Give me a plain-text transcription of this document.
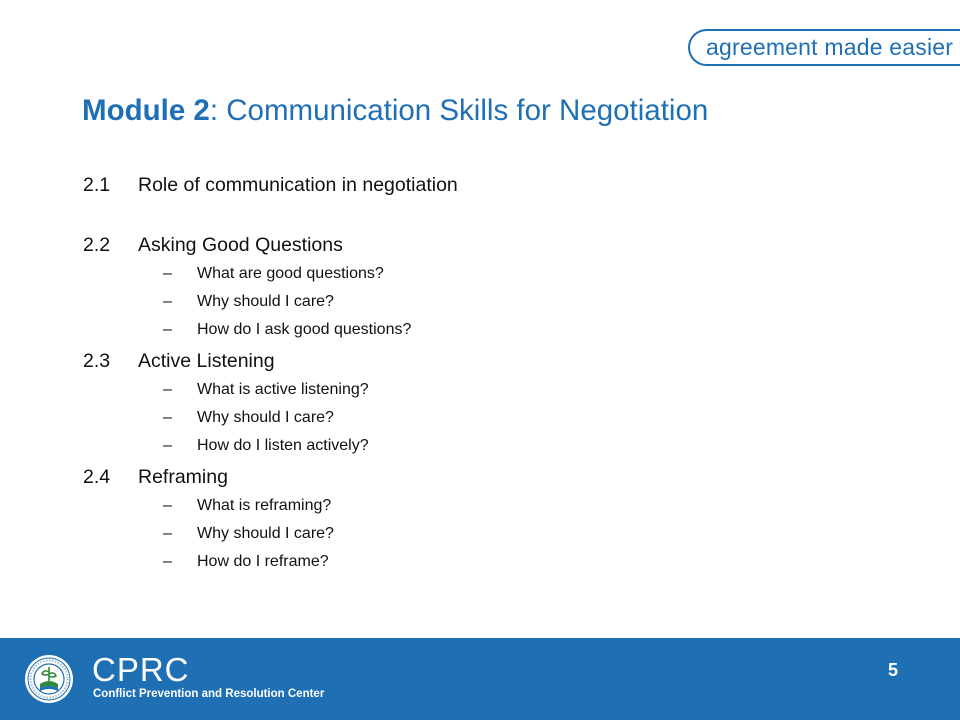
agreement made easier
Module 2: Communication Skills for Negotiation
2.1 Role of communication in negotiation
2.2 Asking Good Questions
– What are good questions?
– Why should I care?
– How do I ask good questions?
2.3 Active Listening
– What is active listening?
– Why should I care?
– How do I listen actively?
2.4 Reframing
– What is reframing?
– Why should I care?
– How do I reframe?
CPRC
Conflict Prevention and Resolution Center
5
